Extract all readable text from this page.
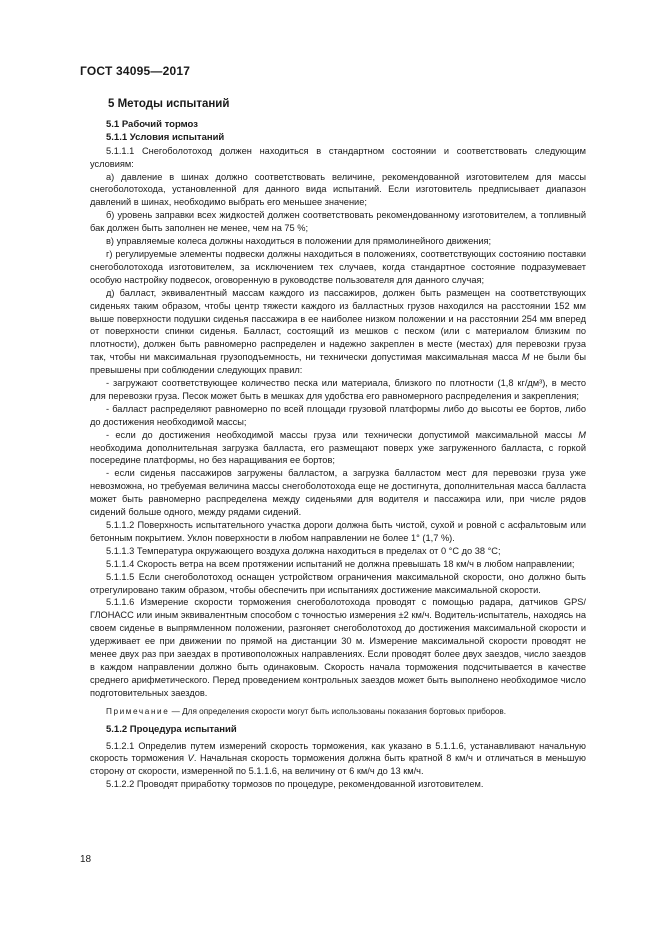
ГОСТ 34095—2017

5 Методы испытаний

5.1 Рабочий тормоз

5.1.1 Условия испытаний

5.1.1.1 Снегоболотоход должен находиться в стандартном состоянии и соответствовать следующим условиям:

а) давление в шинах должно соответствовать величине, рекомендованной изготовителем для массы снегоболотохода, установленной для данного вида испытаний. Если изготовитель предписывает диапазон давлений в шинах, необходимо выбрать его меньшее значение;

б) уровень заправки всех жидкостей должен соответствовать рекомендованному изготовителем, а топливный бак должен быть заполнен не менее, чем на 75 %;

в) управляемые колеса должны находиться в положении для прямолинейного движения;

г) регулируемые элементы подвески должны находиться в положениях, соответствующих состоянию поставки снегоболотохода изготовителем, за исключением тех случаев, когда стандартное состояние подразумевает особую настройку подвесок, оговоренную в руководстве пользователя для данного случая;

д) балласт, эквивалентный массам каждого из пассажиров, должен быть размещен на соответствующих сиденьях таким образом, чтобы центр тяжести каждого из балластных грузов находился на расстоянии 152 мм выше поверхности подушки сиденья пассажира в ее наиболее низком положении и на расстоянии 254 мм вперед от поверхности спинки сиденья. Балласт, состоящий из мешков с песком (или с материалом близким по плотности), должен быть равномерно распределен и надежно закреплен в месте (местах) для перевозки груза так, чтобы ни максимальная грузоподъемность, ни технически допустимая максимальная масса М не были бы превышены при соблюдении следующих правил:

- загружают соответствующее количество песка или материала, близкого по плотности (1,8 кг/дм³), в место для перевозки груза. Песок может быть в мешках для удобства его равномерного распределения и закрепления;

- балласт распределяют равномерно по всей площади грузовой платформы либо до высоты ее бортов, либо до достижения необходимой массы;

- если до достижения необходимой массы груза или технически допустимой максимальной массы М необходима дополнительная загрузка балласта, его размещают поверх уже загруженного балласта, с горкой посередине платформы, но без наращивания ее бортов;

- если сиденья пассажиров загружены балластом, а загрузка балластом мест для перевозки груза уже невозможна, но требуемая величина массы снегоболотохода еще не достигнута, дополнительная масса балласта может быть равномерно распределена между сиденьями для водителя и пассажира или, при числе рядов сидений больше одного, между рядами сидений.

5.1.1.2 Поверхность испытательного участка дороги должна быть чистой, сухой и ровной с асфальтовым или бетонным покрытием. Уклон поверхности в любом направлении не более 1° (1,7 %).

5.1.1.3 Температура окружающего воздуха должна находиться в пределах от 0 °С до 38 °С;

5.1.1.4 Скорость ветра на всем протяжении испытаний не должна превышать 18 км/ч в любом направлении;

5.1.1.5 Если снегоболотоход оснащен устройством ограничения максимальной скорости, оно должно быть отрегулировано таким образом, чтобы обеспечить при испытаниях достижение максимальной скорости.

5.1.1.6 Измерение скорости торможения снегоболотохода проводят с помощью радара, датчиков GPS/ГЛОНАСС или иным эквивалентным способом с точностью измерения ±2 км/ч. Водитель-испытатель, находясь на своем сиденье в выпрямленном положении, разгоняет снегоболотоход до достижения максимальной скорости и удерживает ее при движении по прямой на дистанции 30 м. Измерение максимальной скорости проводят не менее двух раз при заездах в противоположных направлениях. Если проводят более двух заездов, число заездов в каждом направлении должно быть одинаковым. Скорость начала торможения подсчитывается в качестве среднего арифметического. Перед проведением контрольных заездов может быть выполнено необходимое число подготовительных заездов.

Примечание — Для определения скорости могут быть использованы показания бортовых приборов.

5.1.2 Процедура испытаний

5.1.2.1 Определив путем измерений скорость торможения, как указано в 5.1.1.6, устанавливают начальную скорость торможения V. Начальная скорость торможения должна быть кратной 8 км/ч и отличаться в меньшую сторону от скорости, измеренной по 5.1.1.6, на величину от 6 км/ч до 13 км/ч.

5.1.2.2 Проводят приработку тормозов по процедуре, рекомендованной изготовителем.

18
